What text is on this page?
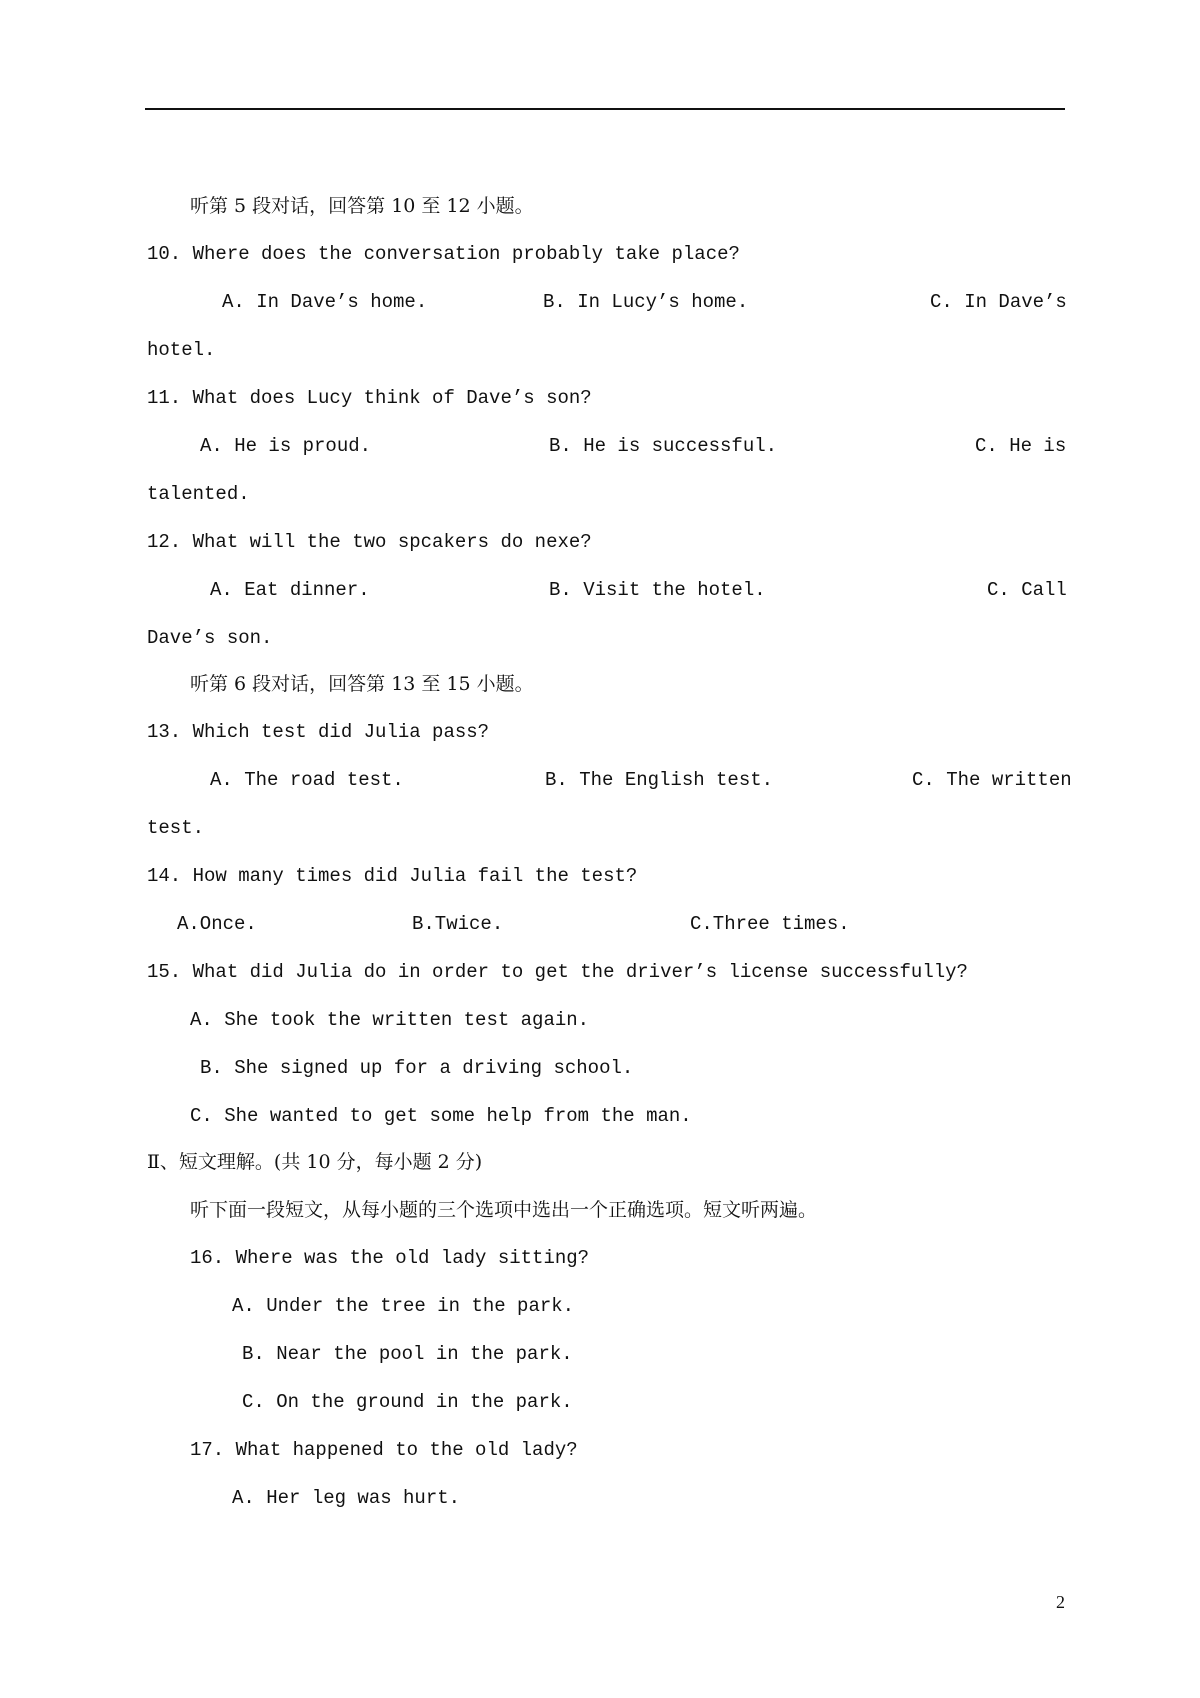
听第 5 段对话，回答第 10 至 12 小题。
10. Where does the conversation probably take place?
A. In Dave’s home.	B. In Lucy’s home.	C. In Dave’s
hotel.
11. What does Lucy think of Dave’s son?
A. He is proud.	B. He is successful.	C. He is
talented.
12. What will the two spcakers do nexe?
A. Eat dinner.	B. Visit the hotel.	C. Call
Dave’s son.
听第 6 段对话，回答第 13 至 15 小题。
13. Which test did Julia pass?
A. The road test.	B. The English test.	C. The written
test.
14. How many times did Julia fail the test?
A.Once.	B.Twice.	C.Three times.
15. What did Julia do in order to get the driver’s license successfully?
A. She took the written test again.
B. She signed up for a driving school.
C. She wanted to get some help from the man.
Ⅱ、短文理解。(共 10 分，每小题 2 分)
听下面一段短文，从每小题的三个选项中选出一个正确选项。短文听两遍。
16. Where was the old lady sitting?
A. Under the tree in the park.
B. Near the pool in the park.
C. On the ground in the park.
17. What happened to the old lady?
A. Her leg was hurt.
2
